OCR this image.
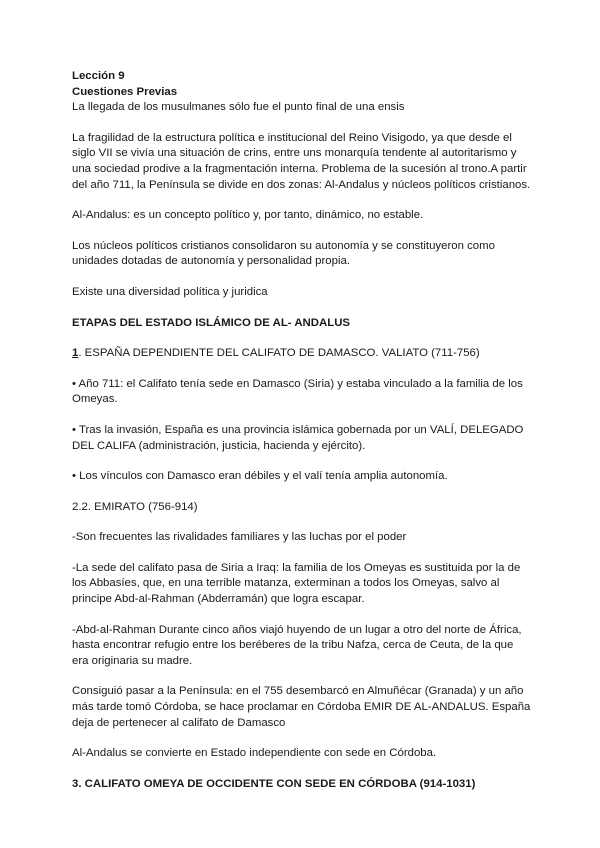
Lección 9

Cuestiones Previas

La llegada de los musulmanes sólo fue el punto final de una ensis

La fragilidad de la estructura política e institucional del Reino Visigodo, ya que desde el siglo VII se vivía una situación de crins, entre uns monarquía tendente al autoritarismo y una sociedad prodive a la fragmentación interna. Problema de la sucesión al trono.A partir del año 711, la Península se divide en dos zonas: Al-Andalus y núcleos políticos cristianos.

Al-Andalus: es un concepto político y, por tanto, dinámico, no estable.

Los núcleos políticos cristianos consolidaron su autonomía y se constituyeron como unidades dotadas de autonomía y personalidad propia.

Existe una diversidad política y juridica

ETAPAS DEL ESTADO ISLÁMICO DE AL- ANDALUS

1. ESPAÑA DEPENDIENTE DEL CALIFATO DE DAMASCO. VALIATO (711-756)

• Año 711: el Califato tenía sede en Damasco (Siria) y estaba vinculado a la familia de los Omeyas.

• Tras la invasión, España es una provincia islámica gobernada por un VALÍ, DELEGADO DEL CALIFA (administración, justicia, hacienda y ejército).

• Los vínculos con Damasco eran débiles y el valí tenía amplia autonomía.

2.2. EMIRATO (756-914)

-Son frecuentes las rivalidades familiares y las luchas por el poder

-La sede del califato pasa de Siria a Iraq: la familia de los Omeyas es sustituida por la de los Abbasíes, que, en una terrible matanza, exterminan a todos los Omeyas, salvo al principe Abd-al-Rahman (Abderramán) que logra escapar.

-Abd-al-Rahman Durante cinco años viajó huyendo de un lugar a otro del norte de África, hasta encontrar refugio entre los beréberes de la tribu Nafza, cerca de Ceuta, de la que era originaria su madre.

Consiguió pasar a la Península: en el 755 desembarcó en Almuñécar (Granada) y un año más tarde tomó Córdoba, se hace proclamar en Córdoba EMIR DE AL-ANDALUS. España deja de pertenecer al califato de Damasco

Al-Andalus se convierte en Estado independiente con sede en Córdoba.

3. CALIFATO OMEYA DE OCCIDENTE CON SEDE EN CÓRDOBA (914-1031)
